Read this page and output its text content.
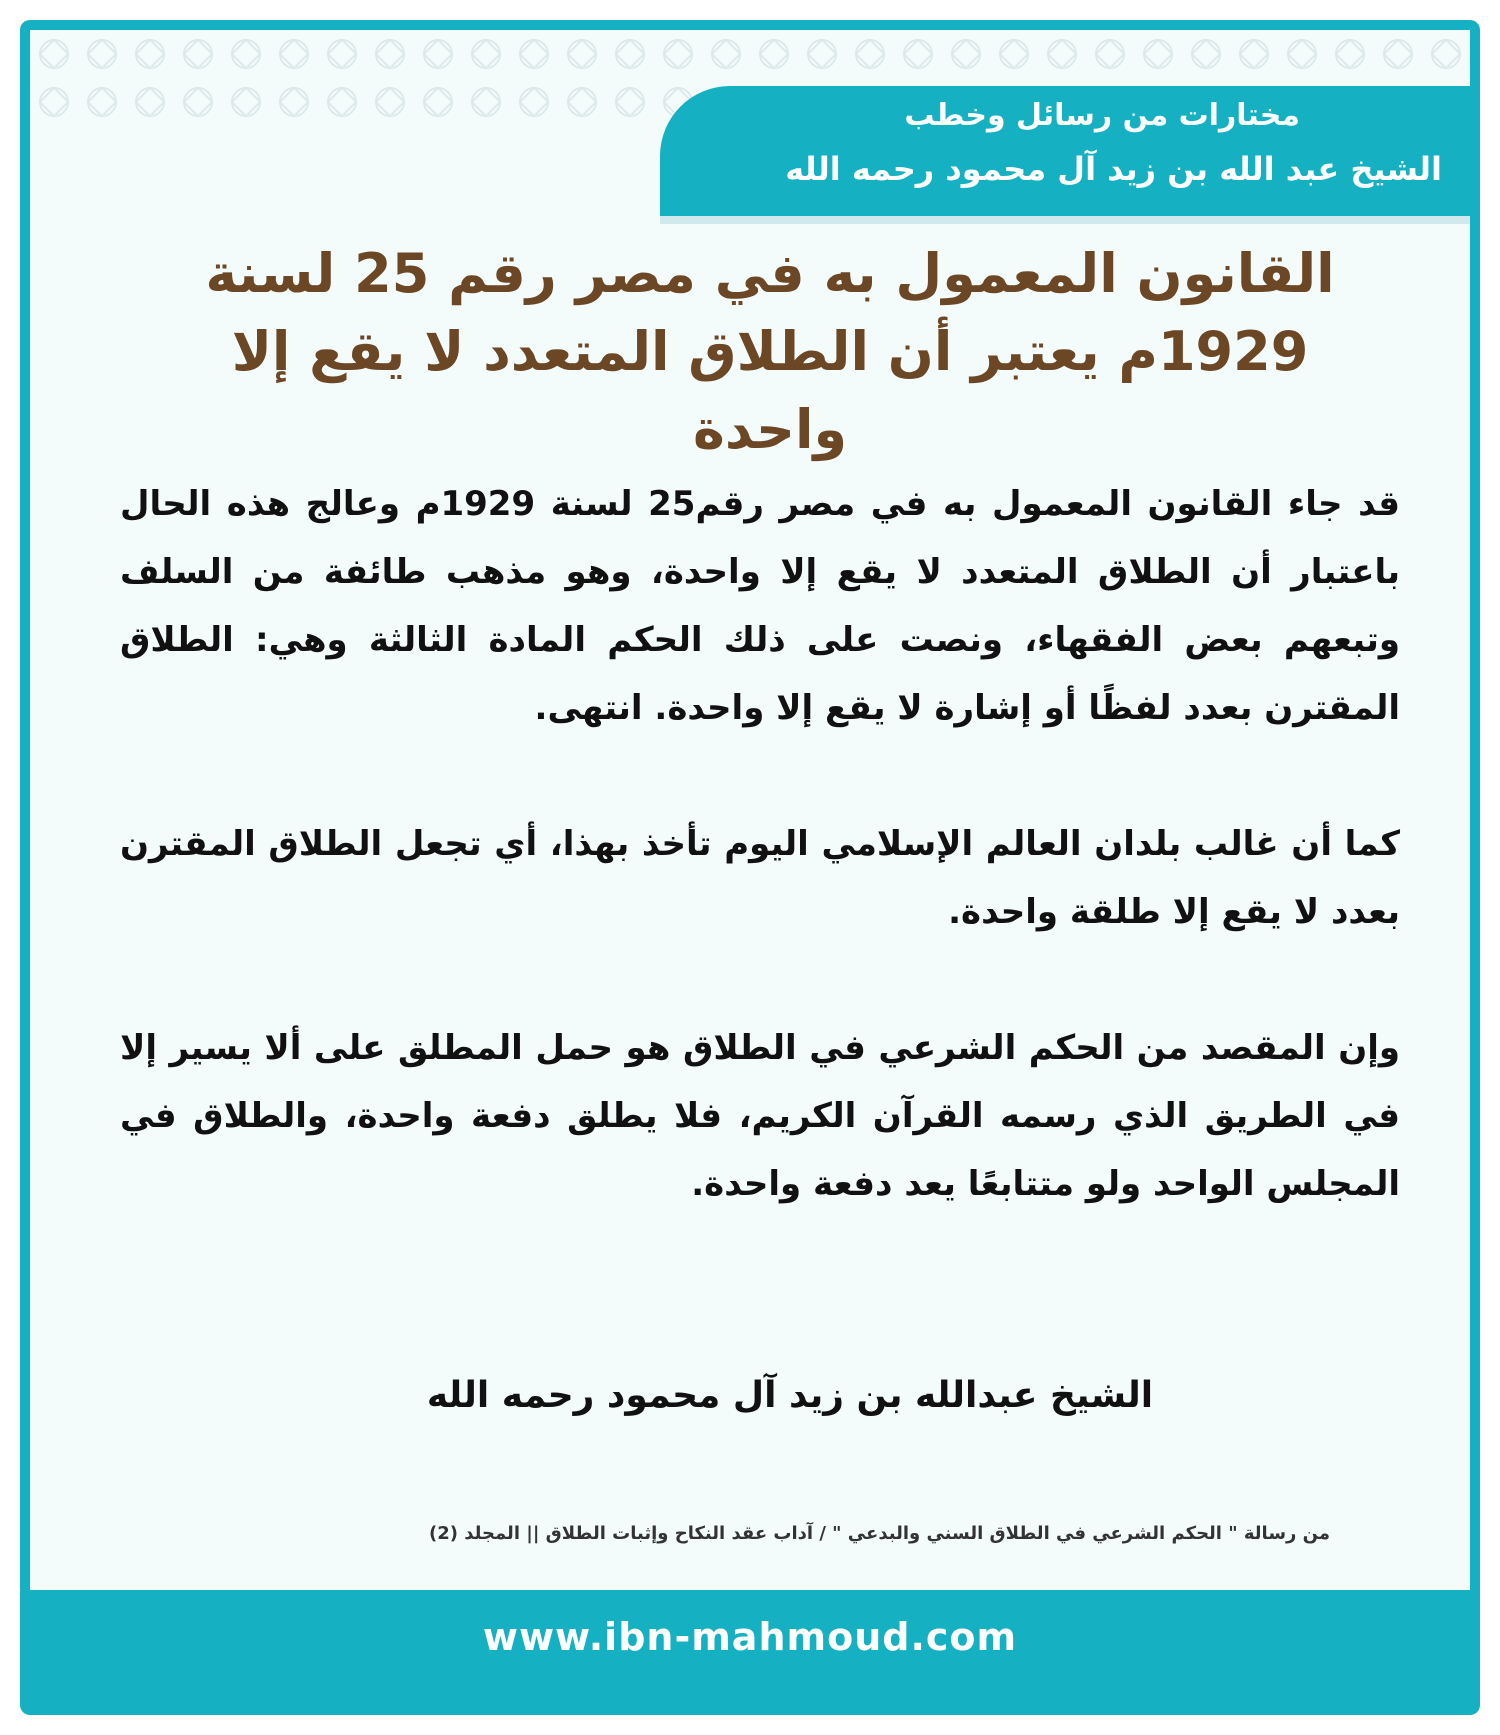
مختارات من رسائل وخطب
الشيخ عبد الله بن زيد آل محمود رحمه الله
القانون المعمول به في مصر رقم 25 لسنة 1929م يعتبر أن الطلاق المتعدد لا يقع إلا واحدة
الشيخ عبدالله بن زيد آل محمود رحمه الله
من رسالة " الحكم الشرعي في الطلاق السني والبدعي " / آداب عقد النكاح وإثبات الطلاق || المجلد (2)

قد جاء القانون المعمول به في مصر رقم25 لسنة 1929م وعالج هذه الحال باعتبار أن الطلاق المتعدد لا يقع إلا واحدة، وهو مذهب طائفة من السلف وتبعهم بعض الفقهاء، ونصت على ذلك الحكم المادة الثالثة وهي: الطلاق المقترن بعدد لفظًا أو إشارة لا يقع إلا واحدة. انتهى.

كما أن غالب بلدان العالم الإسلامي اليوم تأخذ بهذا، أي تجعل الطلاق المقترن بعدد لا يقع إلا طلقة واحدة.

وإن المقصد من الحكم الشرعي في الطلاق هو حمل المطلق على ألا يسير إلا في الطريق الذي رسمه القرآن الكريم، فلا يطلق دفعة واحدة، والطلاق في المجلس الواحد ولو متتابعًا يعد دفعة واحدة.

www.ibn-mahmoud.com
